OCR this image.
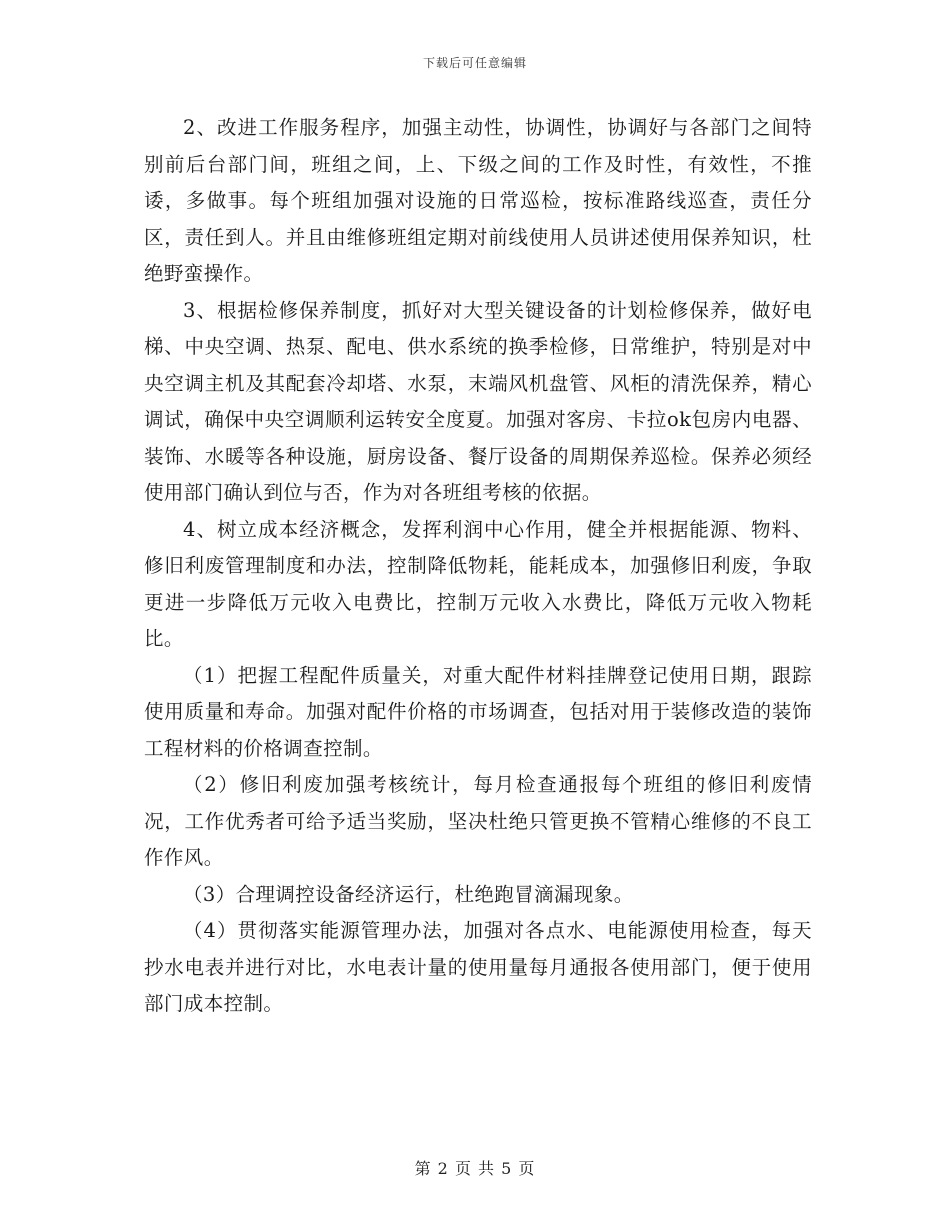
下载后可任意编辑

2、改进工作服务程序，加强主动性，协调性，协调好与各部门之间特别前后台部门间，班组之间，上、下级之间的工作及时性，有效性，不推诿，多做事。每个班组加强对设施的日常巡检，按标准路线巡查，责任分区，责任到人。并且由维修班组定期对前线使用人员讲述使用保养知识，杜绝野蛮操作。

3、根据检修保养制度，抓好对大型关键设备的计划检修保养，做好电梯、中央空调、热泵、配电、供水系统的换季检修，日常维护，特别是对中央空调主机及其配套冷却塔、水泵，末端风机盘管、风柜的清洗保养，精心调试，确保中央空调顺利运转安全度夏。加强对客房、卡拉ok包房内电器、装饰、水暖等各种设施，厨房设备、餐厅设备的周期保养巡检。保养必须经使用部门确认到位与否，作为对各班组考核的依据。

4、树立成本经济概念，发挥利润中心作用，健全并根据能源、物料、修旧利废管理制度和办法，控制降低物耗，能耗成本，加强修旧利废，争取更进一步降低万元收入电费比，控制万元收入水费比，降低万元收入物耗比。

（1）把握工程配件质量关，对重大配件材料挂牌登记使用日期，跟踪使用质量和寿命。加强对配件价格的市场调查，包括对用于装修改造的装饰工程材料的价格调查控制。

（2）修旧利废加强考核统计，每月检查通报每个班组的修旧利废情况，工作优秀者可给予适当奖励，坚决杜绝只管更换不管精心维修的不良工作作风。

（3）合理调控设备经济运行，杜绝跑冒滴漏现象。

（4）贯彻落实能源管理办法，加强对各点水、电能源使用检查，每天抄水电表并进行对比，水电表计量的使用量每月通报各使用部门，便于使用部门成本控制。

第 2 页 共 5 页
